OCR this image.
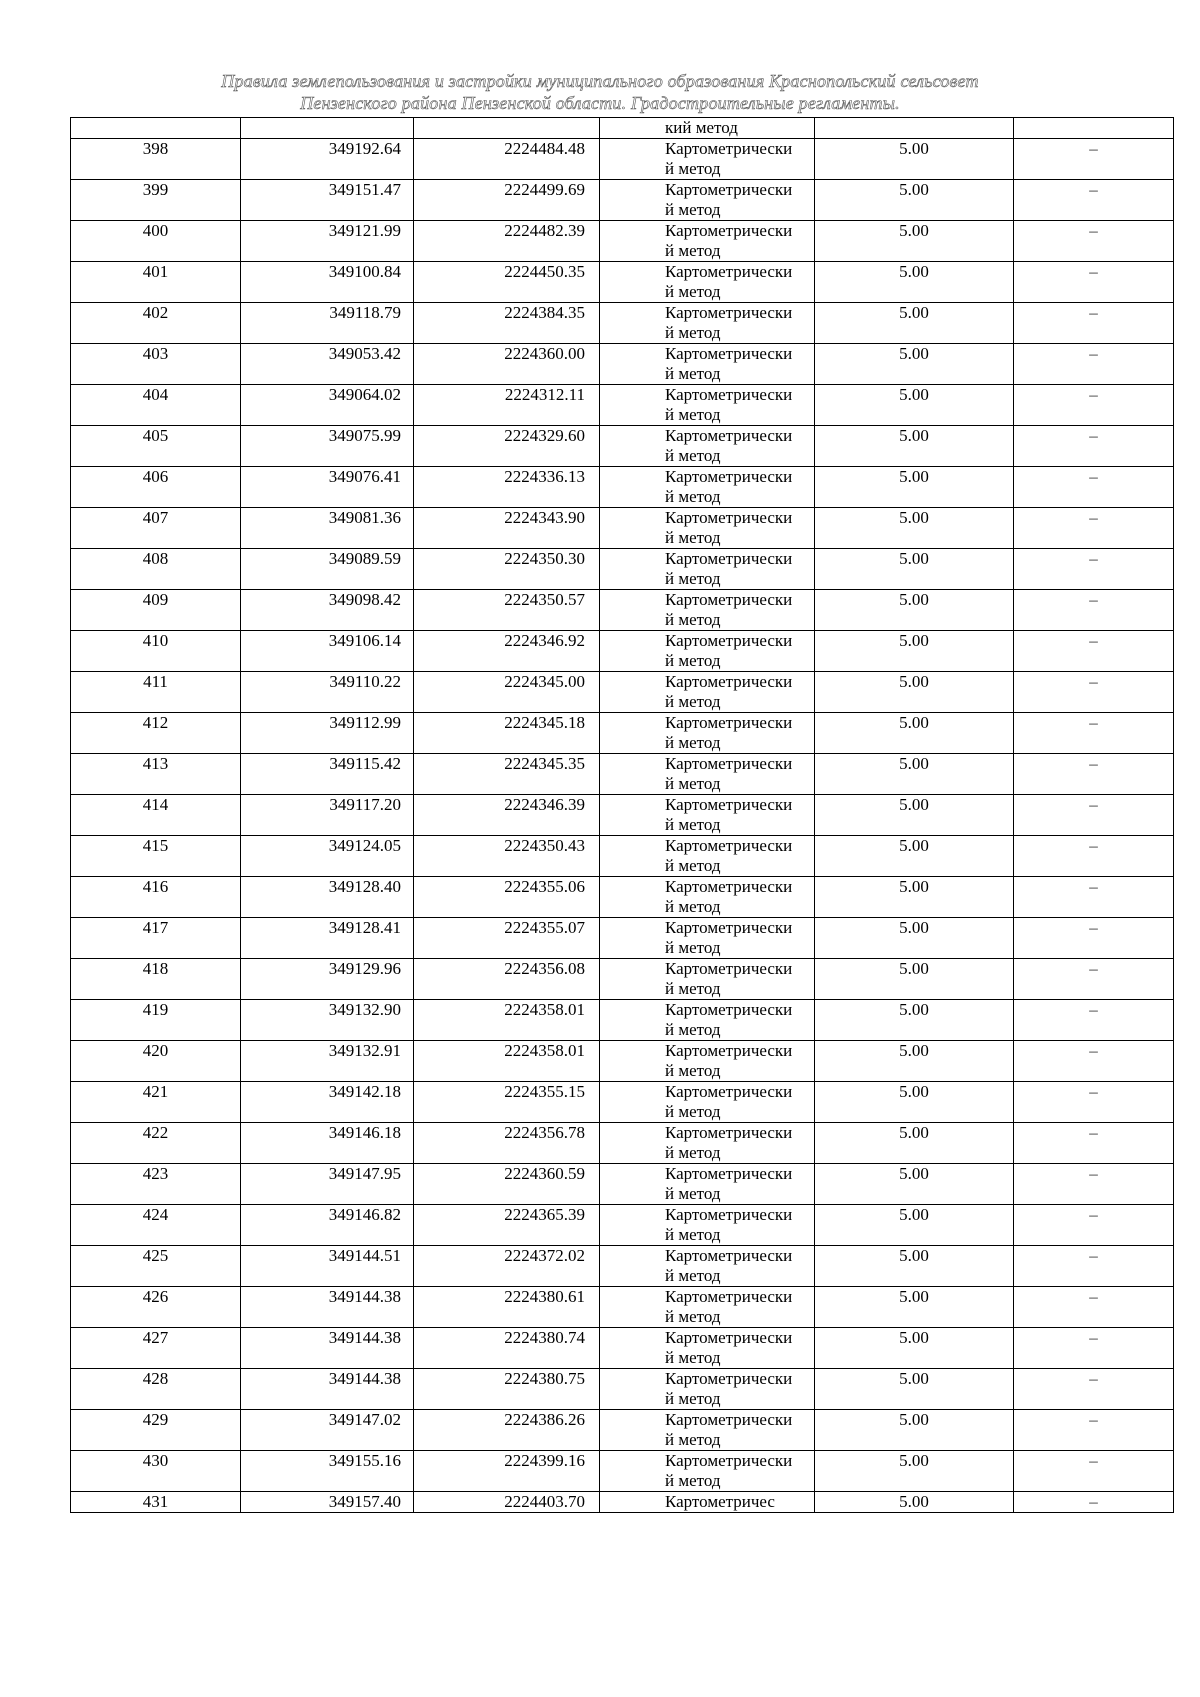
Правила землепользования и застройки муниципального образования Краснопольский сельсовет
Пензенского района Пензенской области. Градостроительные регламенты.
			кий метод		
398	349192.64	2224484.48	Картометрический метод	5.00	–
399	349151.47	2224499.69	Картометрический метод	5.00	–
400	349121.99	2224482.39	Картометрический метод	5.00	–
401	349100.84	2224450.35	Картометрический метод	5.00	–
402	349118.79	2224384.35	Картометрический метод	5.00	–
403	349053.42	2224360.00	Картометрический метод	5.00	–
404	349064.02	2224312.11	Картометрический метод	5.00	–
405	349075.99	2224329.60	Картометрический метод	5.00	–
406	349076.41	2224336.13	Картометрический метод	5.00	–
407	349081.36	2224343.90	Картометрический метод	5.00	–
408	349089.59	2224350.30	Картометрический метод	5.00	–
409	349098.42	2224350.57	Картометрический метод	5.00	–
410	349106.14	2224346.92	Картометрический метод	5.00	–
411	349110.22	2224345.00	Картометрический метод	5.00	–
412	349112.99	2224345.18	Картометрический метод	5.00	–
413	349115.42	2224345.35	Картометрический метод	5.00	–
414	349117.20	2224346.39	Картометрический метод	5.00	–
415	349124.05	2224350.43	Картометрический метод	5.00	–
416	349128.40	2224355.06	Картометрический метод	5.00	–
417	349128.41	2224355.07	Картометрический метод	5.00	–
418	349129.96	2224356.08	Картометрический метод	5.00	–
419	349132.90	2224358.01	Картометрический метод	5.00	–
420	349132.91	2224358.01	Картометрический метод	5.00	–
421	349142.18	2224355.15	Картометрический метод	5.00	–
422	349146.18	2224356.78	Картометрический метод	5.00	–
423	349147.95	2224360.59	Картометрический метод	5.00	–
424	349146.82	2224365.39	Картометрический метод	5.00	–
425	349144.51	2224372.02	Картометрический метод	5.00	–
426	349144.38	2224380.61	Картометрический метод	5.00	–
427	349144.38	2224380.74	Картометрический метод	5.00	–
428	349144.38	2224380.75	Картометрический метод	5.00	–
429	349147.02	2224386.26	Картометрический метод	5.00	–
430	349155.16	2224399.16	Картометрический метод	5.00	–
431	349157.40	2224403.70	Картометричес	5.00	–
